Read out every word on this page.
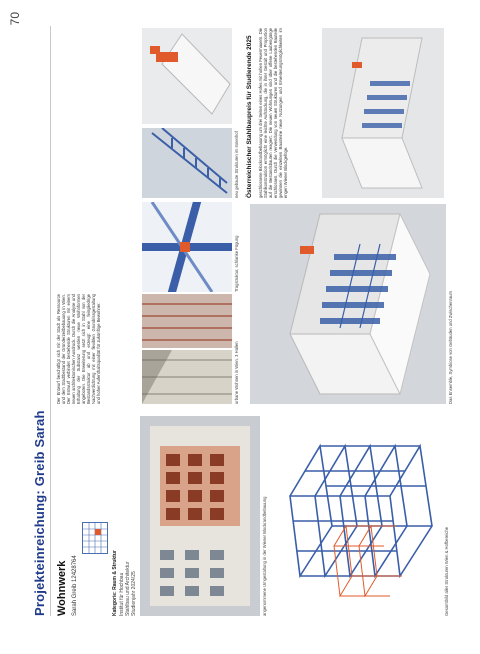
70
Projekteinreichung: Greib Sarah Wohnwerk Sarah Greib 12428764	Kategorie: Raum & Struktur Institut für Hochbau Stahlbau und Architektur Studienjahr 2024/25	angenommene Umgestaltung in der Wiener Blockrandbebauung	Gesamtbild aller Strukturen Wien & Hofbereiche
Der Entwurf beschäftigt sich mit der Stadt als Ressource und dem Stadtbestand der Gründerzeitbebauung in Wien. Der Entwurf verbindet bestehende Strukturen mit einem neuen architektonischen Ausdruck. Durch die Analyse und Erhaltung der Substanz werden neue Wohnformen angeboten. Die Erweiterung setzt sich in Stahl von der Bestandsstruktur ab und erzeugt eine feingliedrige Nachverdichtung mit einer flexiblen Grundrissgestaltung und hoher Aufenthaltsqualität für zukünftige Bewohner.	urbane Wohnen in Wien, 3 Hallen
Tragstruktur, schlanke Fügung
neu gebaute Strukturen im Innenhof Österreichischer Stahlbaupreis für Studierende 2025 geschlossene Blockrandbebauung um drei Seiten eines Hofes mit hohen Feuermauern. Die Stahlkonstruktion ermöglicht eine leichte Aufstockung, die in ihrer Gestalt und Proportion auf die Bestandsbauten reagiert. Die neuen Wohnungen sind über offene Laubengänge erschlossen. Durch die Verwendung von neuen Strukturen und die bestehenden Bauteile gewinnen die einzelnen Bausteine neue Nutzungen und Erweiterungsmöglichkeiten im engen Wiener Blockgefüge.
Das Ensemble, Symbiose von Gebäuden und Zwischenraum
